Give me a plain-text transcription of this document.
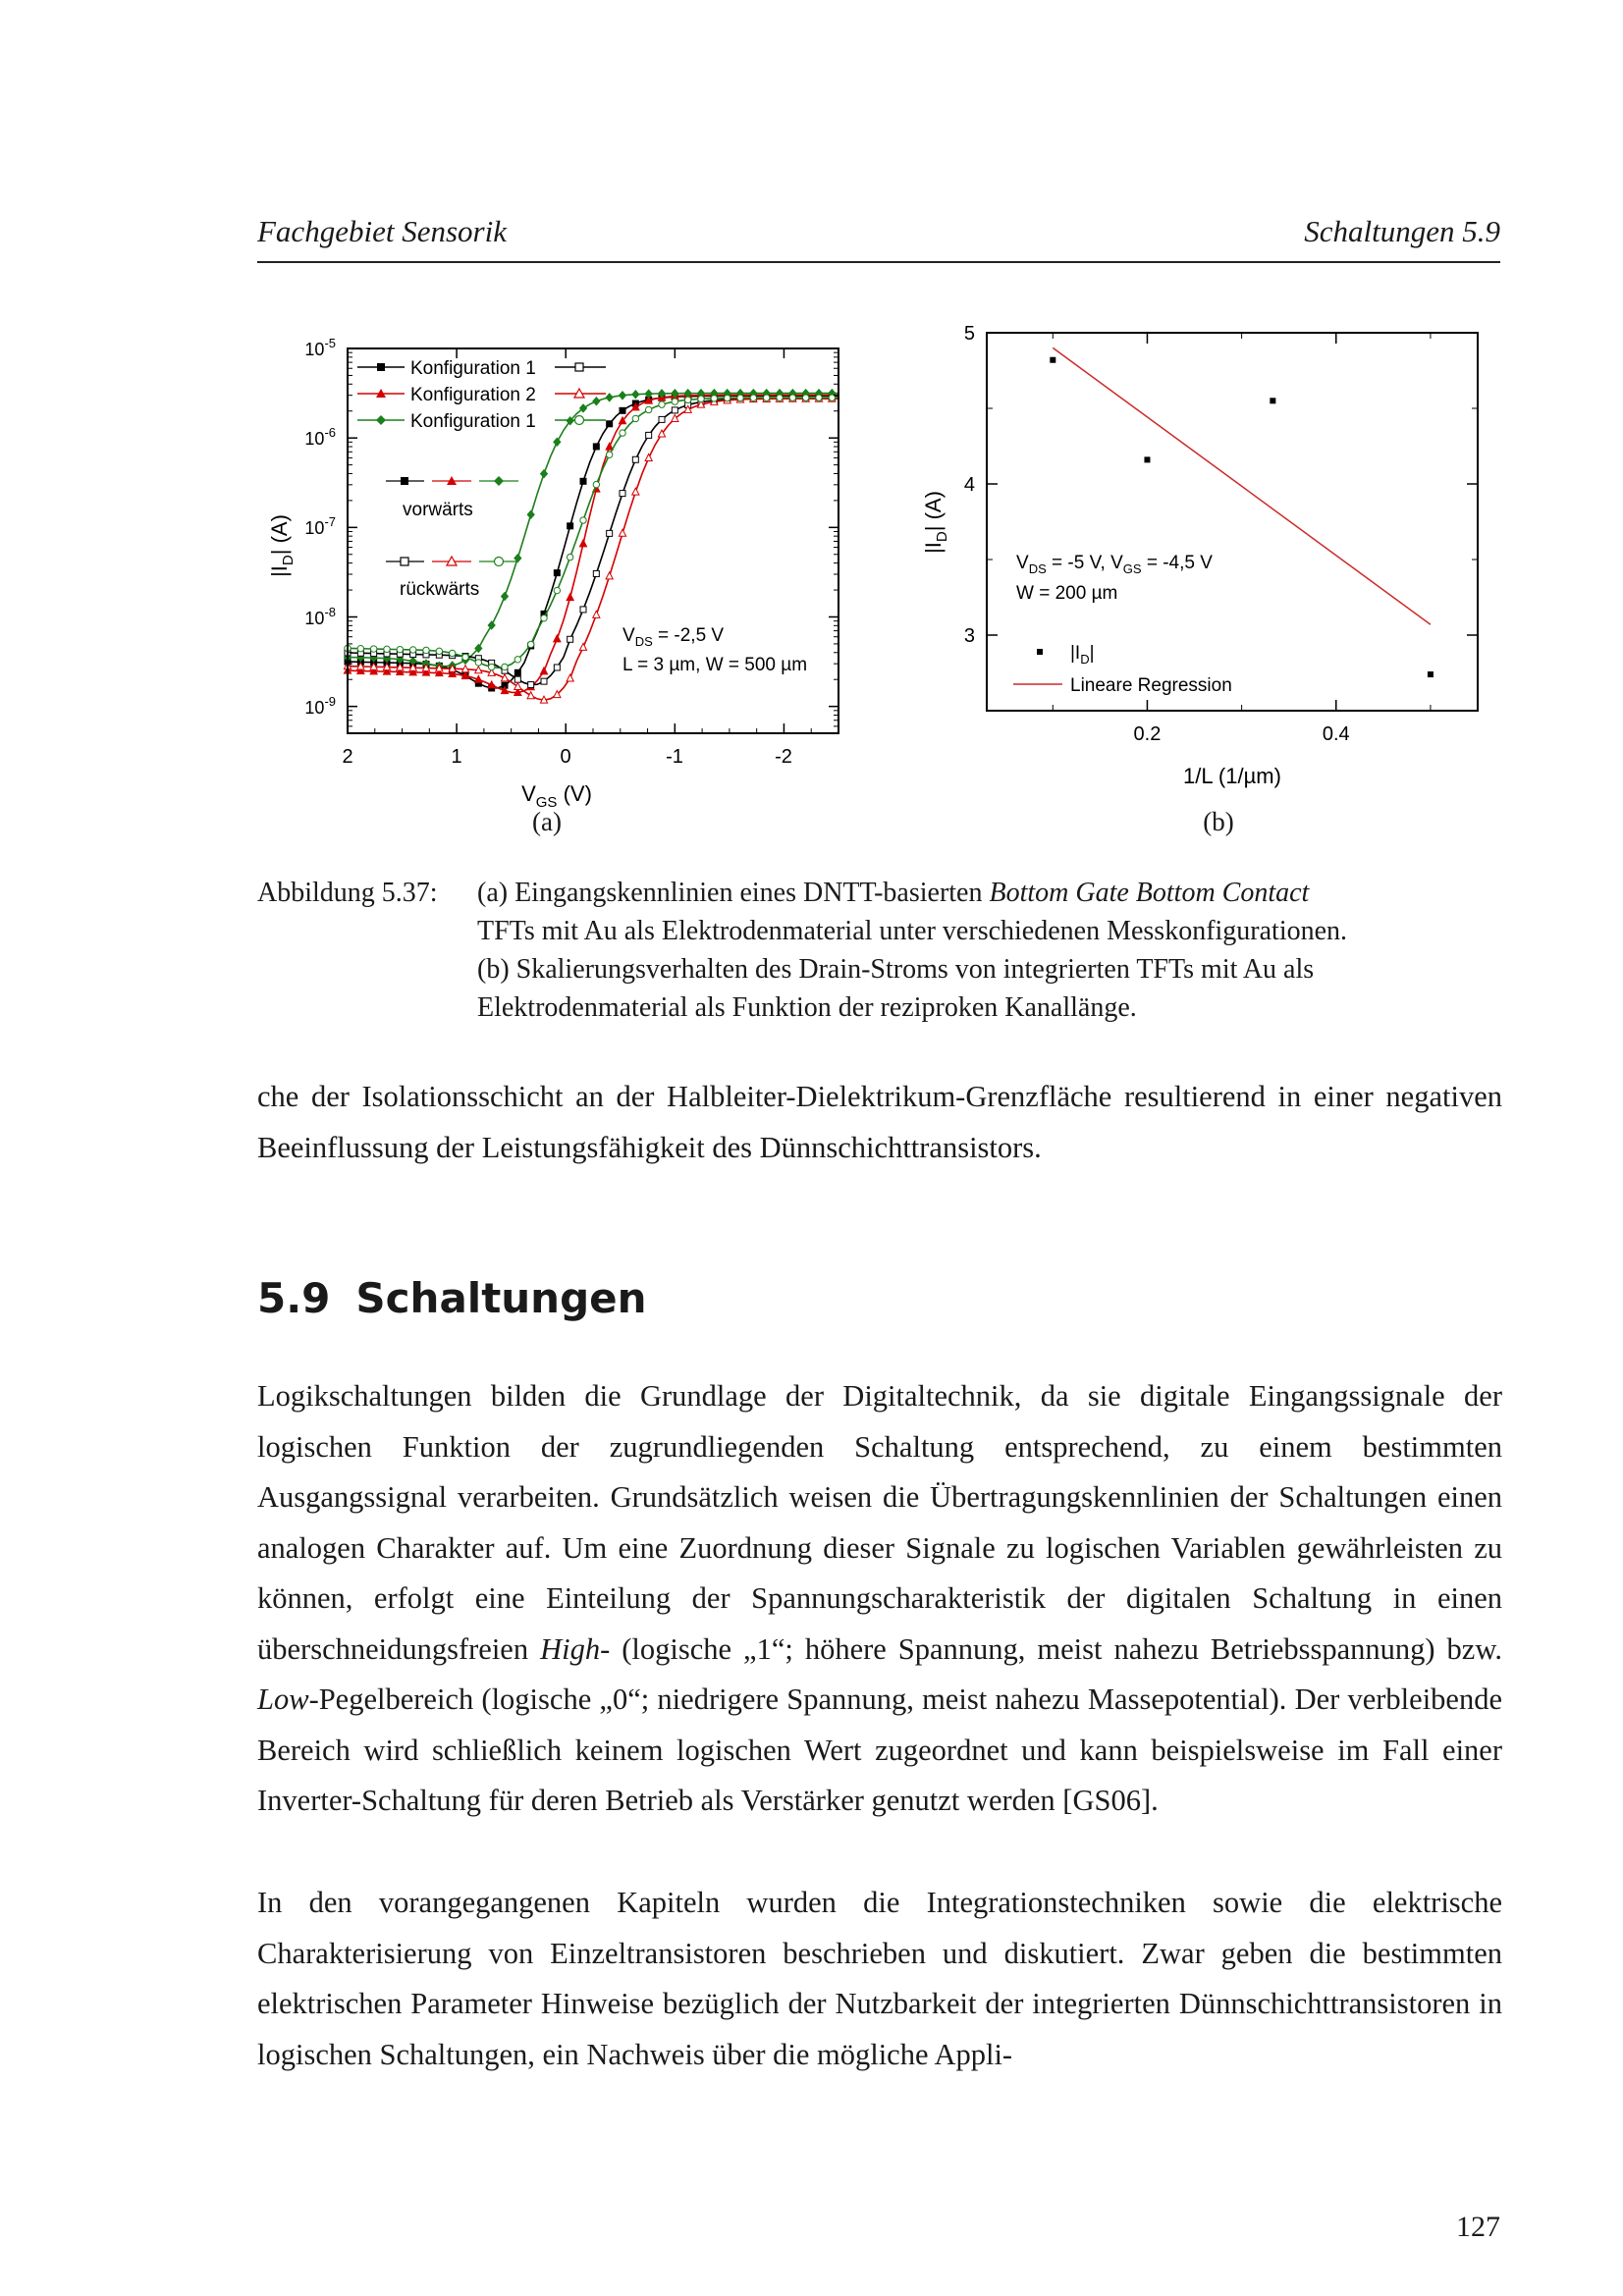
Fachgebiet Sensorik	Schaltungen 5.9
$10^{-5}$
$10^{-6}$
$10^{-7}$
$10^{-8}$
$10^{-9}$
2	1	0	-1	-2
$V_{GS}$ (V)
$|I_D|$ (A)
Konfiguration 1
Konfiguration 2
Konfiguration 1
vorwärts
rückwärts
$V_{DS} = -2,5$ V
L = 3 µm, W = 500 µm
(a)
3
4
5
0.2	0.4
1/L (1/µm)
$|I_D|$ (A)
$V_{DS} = -5$ V, $V_{GS} = -4,5$ V
W = 200 µm
$|I_D|$
Lineare Regression
(b)
Abbildung 5.37: (a) Eingangskennlinien eines DNTT-basierten Bottom Gate Bottom Contact
TFTs mit Au als Elektrodenmaterial unter verschiedenen Messkonfigurationen.
(b) Skalierungsverhalten des Drain-Stroms von integrierten TFTs mit Au als
Elektrodenmaterial als Funktion der reziproken Kanallänge.

che der Isolationsschicht an der Halbleiter-Dielektrikum-Grenzfläche resultierend in einer negativen Beeinflussung der Leistungsfähigkeit des Dünnschichttransistors.

5.9 Schaltungen

Logikschaltungen bilden die Grundlage der Digitaltechnik, da sie digitale Eingangssignale der logischen Funktion der zugrundliegenden Schaltung entsprechend, zu einem bestimmten Ausgangssignal verarbeiten. Grundsätzlich weisen die Übertragungskennlinien der Schaltungen einen analogen Charakter auf. Um eine Zuordnung dieser Signale zu logischen Variablen gewährleisten zu können, erfolgt eine Einteilung der Spannungscharakteristik der digitalen Schaltung in einen überschneidungsfreien High- (logische „1“; höhere Spannung, meist nahezu Betriebsspannung) bzw. Low-Pegelbereich (logische „0“; niedrigere Spannung, meist nahezu Massepotential). Der verbleibende Bereich wird schließlich keinem logischen Wert zugeordnet und kann beispielsweise im Fall einer Inverter-Schaltung für deren Betrieb als Verstärker genutzt werden [GS06].

In den vorangegangenen Kapiteln wurden die Integrationstechniken sowie die elektrische Charakterisierung von Einzeltransistoren beschrieben und diskutiert. Zwar geben die bestimmten elektrischen Parameter Hinweise bezüglich der Nutzbarkeit der integrierten Dünnschichttransistoren in logischen Schaltungen, ein Nachweis über die mögliche Appli-

127
